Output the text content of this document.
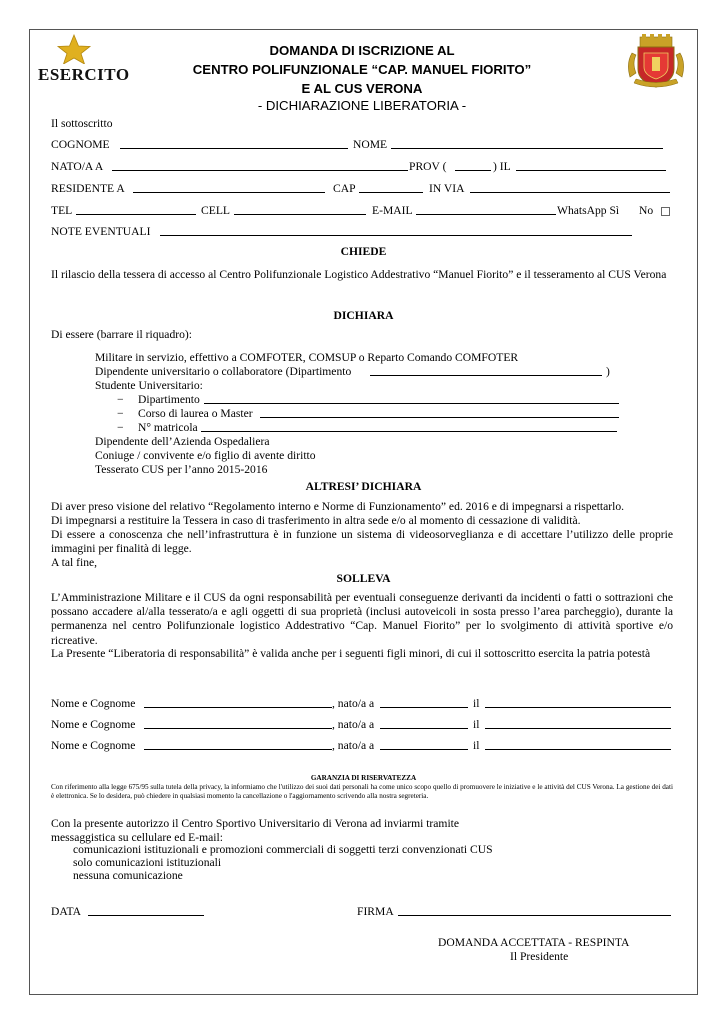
ESERCITO
DOMANDA DI ISCRIZIONE AL
CENTRO POLIFUNZIONALE “CAP. MANUEL FIORITO”
E AL CUS VERONA
- DICHIARAZIONE LIBERATORIA -
Il sottoscritto
COGNOME	NOME
NATO/A A	PROV (	) IL
RESIDENTE A	CAP	IN VIA
TEL	CELL	E-MAIL	WhatsApp Sì No
NOTE EVENTUALI
CHIEDE
Il rilascio della tessera di accesso al Centro Polifunzionale Logistico Addestrativo “Manuel Fiorito” e il tesseramento al CUS Verona
DICHIARA
Di essere (barrare il riquadro):
Militare in servizio, effettivo a COMFOTER, COMSUP o Reparto Comando COMFOTER
Dipendente universitario o collaboratore (Dipartimento	)
Studente Universitario:
− Dipartimento
− Corso di laurea o Master
− N° matricola
Dipendente dell’Azienda Ospedaliera
Coniuge / convivente e/o figlio di avente diritto
Tesserato CUS per l’anno 2015-2016
ALTRESI’ DICHIARA
Di aver preso visione del relativo “Regolamento interno e Norme di Funzionamento” ed. 2016 e di impegnarsi a rispettarlo.
Di impegnarsi a restituire la Tessera in caso di trasferimento in altra sede e/o al momento di cessazione di validità.
Di essere a conoscenza che nell’infrastruttura è in funzione un sistema di videosorveglianza e di accettare l’utilizzo delle proprie immagini per finalità di legge.
A tal fine,
SOLLEVA
L’Amministrazione Militare e il CUS da ogni responsabilità per eventuali conseguenze derivanti da incidenti o fatti o sottrazioni che possano accadere al/alla tesserato/a e agli oggetti di sua proprietà (inclusi autoveicoli in sosta presso l’area parcheggio), durante la permanenza nel centro Polifunzionale logistico Addestrativo “Cap. Manuel Fiorito” per lo svolgimento di attività sportive e/o ricreative.
La Presente “Liberatoria di responsabilità” è valida anche per i seguenti figli minori, di cui il sottoscritto esercita la patria potestà
Nome e Cognome	, nato/a a	il
Nome e Cognome	, nato/a a	il
Nome e Cognome	, nato/a a	il
GARANZIA DI RISERVATEZZA
Con riferimento alla legge 675/95 sulla tutela della privacy, la informiamo che l'utilizzo dei suoi dati personali ha come unico scopo quello di promuovere le iniziative e le attività del CUS Verona. La gestione dei dati è elettronica. Se lo desidera, può chiedere in qualsiasi momento la cancellazione o l'aggiornamento scrivendo alla nostra segreteria.
Con la presente autorizzo il Centro Sportivo Universitario di Verona ad inviarmi tramite messaggistica su cellulare ed E-mail:
comunicazioni istituzionali e promozioni commerciali di soggetti terzi convenzionati CUS
solo comunicazioni istituzionali
nessuna comunicazione
DATA	FIRMA
DOMANDA ACCETTATA - RESPINTA
Il Presidente
